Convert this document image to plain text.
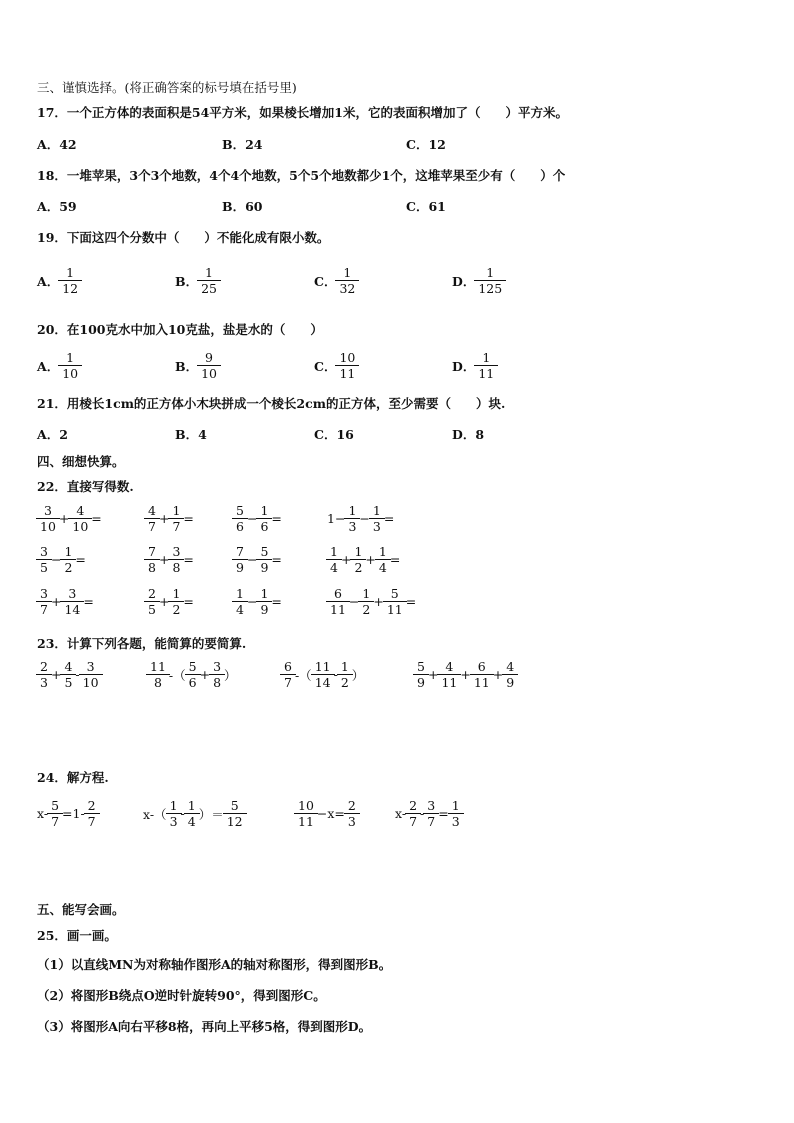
三、谨慎选择。(将正确答案的标号填在括号里)
17．一个正方体的表面积是54平方米，如果棱长增加1米，它的表面积增加了（　　）平方米。
A．42	B．24	C．12
18．一堆苹果，3个3个地数，4个4个地数，5个5个地数都少1个，这堆苹果至少有（　　）个
A．59	B．60	C．61
19．下面这四个分数中（　　）不能化成有限小数。
A． $\frac{1}{12}$	B． $\frac{1}{25}$	C． $\frac{1}{32}$	D． $\frac{1}{125}$
20．在100克水中加入10克盐，盐是水的（　　）
A． $\frac{1}{10}$	B． $\frac{9}{10}$	C． $\frac{10}{11}$	D． $\frac{1}{11}$
21．用棱长1cm的正方体小木块拼成一个棱长2cm的正方体，至少需要（　　）块.
A．2	B．4	C．16	D．8
四、细想快算。
22．直接写得数.
$\frac{3}{10} + \frac{4}{10}$ =	$\frac{4}{7} + \frac{1}{7}$ =	$\frac{5}{6} - \frac{1}{6}$ =	$1- \frac{1}{3} - \frac{1}{3}$ =
$\frac{3}{5} - \frac{1}{2}$ =	$\frac{7}{8} + \frac{3}{8}$ =	$\frac{7}{9} - \frac{5}{9}$ =	$\frac{1}{4} + \frac{1}{2} + \frac{1}{4}$ =
$\frac{3}{7} + \frac{3}{14}$ =	$\frac{2}{5} + \frac{1}{2}$ =	$\frac{1}{4} - \frac{1}{9}$ =	$\frac{6}{11} - \frac{1}{2} + \frac{5}{11}$ =
23．计算下列各题，能简算的要简算.
$\frac{2}{3} + \frac{4}{5} - \frac{3}{10}$	$\frac{11}{8}$ -（ $\frac{5}{6} + \frac{3}{8}$ ）	$\frac{6}{7}$ -（ $\frac{11}{14} - \frac{1}{2}$ ）	$\frac{5}{9} + \frac{4}{11} + \frac{6}{11} + \frac{4}{9}$
24．解方程.
$x- \frac{5}{7} =1- \frac{2}{7}$	$x-( \frac{1}{3} - \frac{1}{4}$ ）＝ $\frac{5}{12}$	$\frac{10}{11} -x= \frac{2}{3}$	$x- \frac{2}{7} - \frac{3}{7} = \frac{1}{3}$
五、能写会画。
25．画一画。
（1）以直线MN为对称轴作图形A的轴对称图形，得到图形B。
（2）将图形B绕点O逆时针旋转90°，得到图形C。
（3）将图形A向右平移8格，再向上平移5格，得到图形D。
